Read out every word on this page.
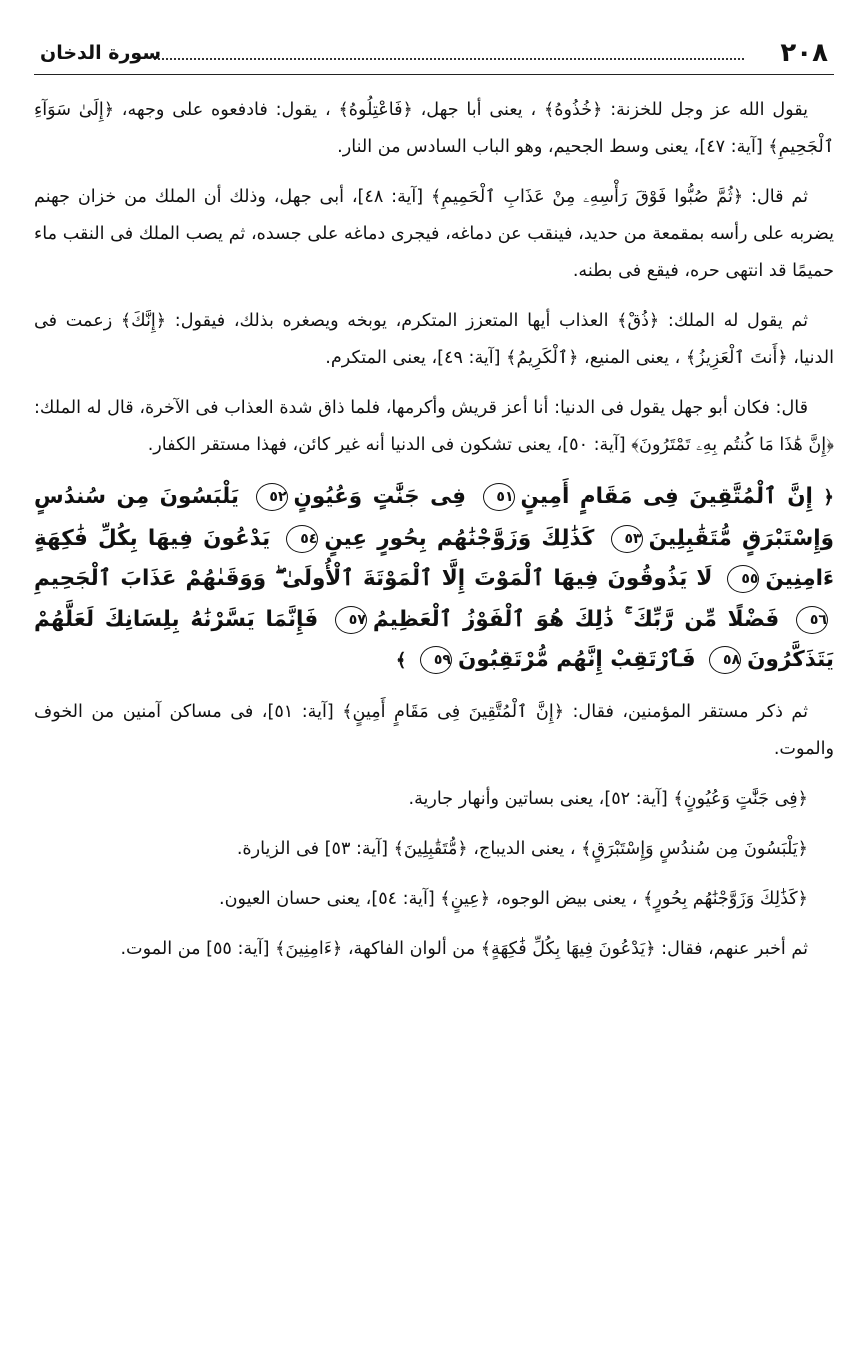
٢٠٨
سورة الدخان

يقول الله عز وجل للخزنة: ﴿خُذُوهُ﴾ ، يعنى أبا جهل، ﴿فَاعْتِلُوهُ﴾ ، يقول: فادفعوه على وجهه، ﴿إِلَىٰ سَوَآءِ ٱلْجَحِيمِ﴾ [آية: ٤٧]، يعنى وسط الجحيم، وهو الباب السادس من النار.

ثم قال: ﴿ثُمَّ صُبُّوا فَوْقَ رَأْسِهِۦ مِنْ عَذَابِ ٱلْحَمِيمِ﴾ [آية: ٤٨]، أبى جهل، وذلك أن الملك من خزان جهنم يضربه على رأسه بمقمعة من حديد، فينقب عن دماغه، فيجرى دماغه على جسده، ثم يصب الملك فى النقب ماء حميمًا قد انتهى حره، فيقع فى بطنه.

ثم يقول له الملك: ﴿ذُقْ﴾ العذاب أيها المتعزز المتكرم، يوبخه ويصغره بذلك، فيقول: ﴿إِنَّكَ﴾ زعمت فى الدنيا، ﴿أَنتَ ٱلْعَزِيزُ﴾ ، يعنى المنيع، ﴿ٱلْكَرِيمُ﴾ [آية: ٤٩]، يعنى المتكرم.

قال: فكان أبو جهل يقول فى الدنيا: أنا أعز قريش وأكرمها، فلما ذاق شدة العذاب فى الآخرة، قال له الملك: ﴿إِنَّ هَٰذَا مَا كُنتُم بِهِۦ تَمْتَرُونَ﴾ [آية: ٥٠]، يعنى تشكون فى الدنيا أنه غير كائن، فهذا مستقر الكفار.

﴿ إِنَّ ٱلْمُتَّقِينَ فِى مَقَامٍ أَمِينٍ٥١ فِى جَنَّٰتٍ وَعُيُونٍ٥٢ يَلْبَسُونَ مِن سُندُسٍ وَإِسْتَبْرَقٍ مُّتَقَٰبِلِينَ٥٣ كَذَٰلِكَ وَزَوَّجْنَٰهُم بِحُورٍ عِينٍ٥٤ يَدْعُونَ فِيهَا بِكُلِّ فَٰكِهَةٍ ءَامِنِينَ٥٥ لَا يَذُوقُونَ فِيهَا ٱلْمَوْتَ إِلَّا ٱلْمَوْتَةَ ٱلْأُولَىٰ ۖ وَوَقَىٰهُمْ عَذَابَ ٱلْجَحِيمِ٥٦ فَضْلًا مِّن رَّبِّكَ ۚ ذَٰلِكَ هُوَ ٱلْفَوْزُ ٱلْعَظِيمُ٥٧ فَإِنَّمَا يَسَّرْنَٰهُ بِلِسَانِكَ لَعَلَّهُمْ يَتَذَكَّرُونَ٥٨ فَٱرْتَقِبْ إِنَّهُم مُّرْتَقِبُونَ٥٩ ﴾

ثم ذكر مستقر المؤمنين، فقال: ﴿إِنَّ ٱلْمُتَّقِينَ فِى مَقَامٍ أَمِينٍ﴾ [آية: ٥١]، فى مساكن آمنين من الخوف والموت.

﴿فِى جَنَّٰتٍ وَعُيُونٍ﴾ [آية: ٥٢]، يعنى بساتين وأنهار جارية.

﴿يَلْبَسُونَ مِن سُندُسٍ وَإِسْتَبْرَقٍ﴾ ، يعنى الديباج، ﴿مُّتَقَٰبِلِينَ﴾ [آية: ٥٣] فى الزيارة.

﴿كَذَٰلِكَ وَزَوَّجْنَٰهُم بِحُورٍ﴾ ، يعنى بيض الوجوه، ﴿عِينٍ﴾ [آية: ٥٤]، يعنى حسان العيون.

ثم أخبر عنهم، فقال: ﴿يَدْعُونَ فِيهَا بِكُلِّ فَٰكِهَةٍ﴾ من ألوان الفاكهة، ﴿ءَامِنِينَ﴾ [آية: ٥٥] من الموت.
